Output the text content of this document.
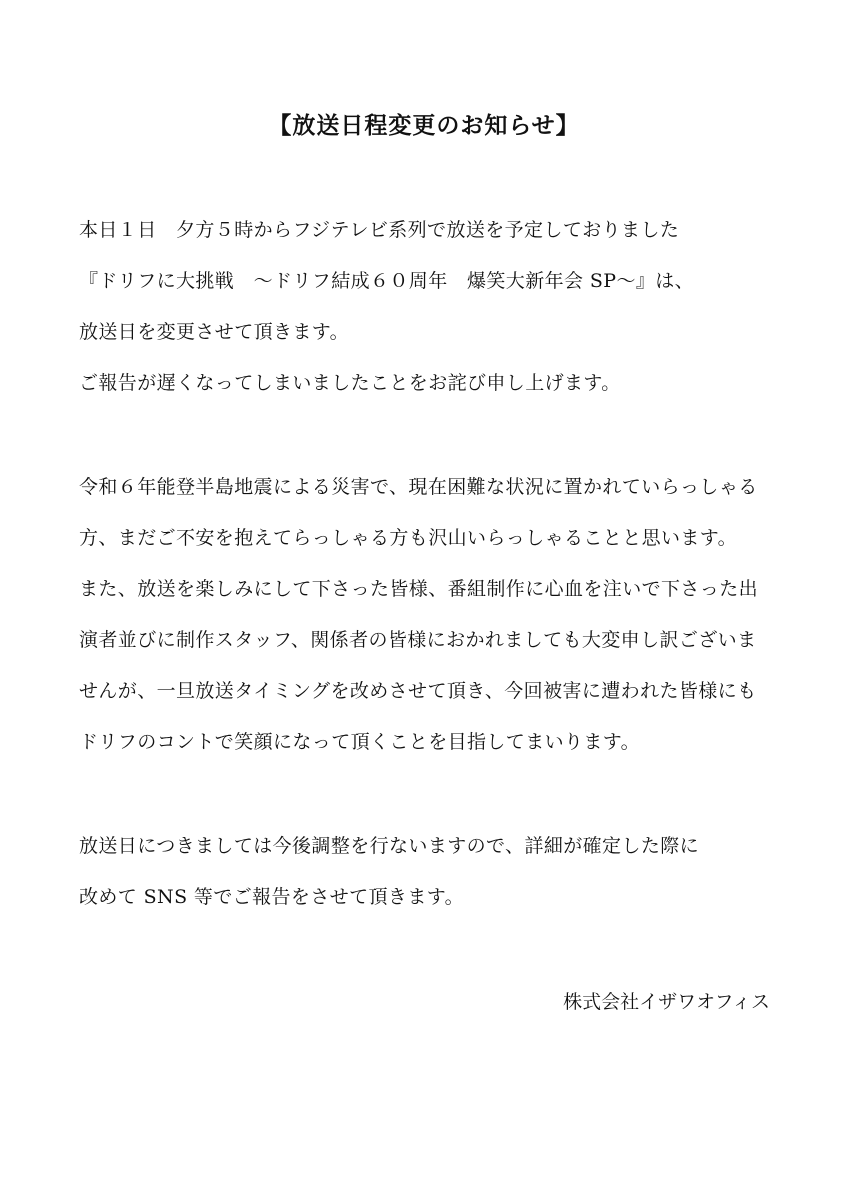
【放送日程変更のお知らせ】
本日１日　夕方５時からフジテレビ系列で放送を予定しておりました
『ドリフに大挑戦　〜ドリフ結成６０周年　爆笑大新年会 SP〜』は、
放送日を変更させて頂きます。
ご報告が遅くなってしまいましたことをお詫び申し上げます。
令和６年能登半島地震による災害で、現在困難な状況に置かれていらっしゃる
方、まだご不安を抱えてらっしゃる方も沢山いらっしゃることと思います。
また、放送を楽しみにして下さった皆様、番組制作に心血を注いで下さった出
演者並びに制作スタッフ、関係者の皆様におかれましても大変申し訳ございま
せんが、一旦放送タイミングを改めさせて頂き、今回被害に遭われた皆様にも
ドリフのコントで笑顔になって頂くことを目指してまいります。
放送日につきましては今後調整を行ないますので、詳細が確定した際に
改めて SNS 等でご報告をさせて頂きます。
株式会社イザワオフィス
